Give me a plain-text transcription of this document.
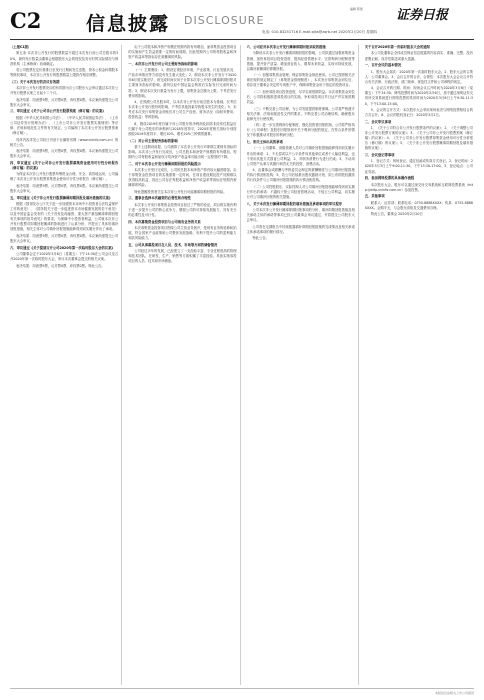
C2 信息披露 DISCLOSURE
编辑 陈凯	证券日报
电话: 010-83251716 E-mail:zjbs@zqrb.net 2020年2月20日 星期四

（上接C1版）

第五条 本次非公开发行的股票数量不超过本次发行前公司总股本的30%，最终发行数量由董事会根据股东大会的授权及发行时的实际情况与保荐机构（主承销商）协商确定。

若公司股票在定价基准日至发行日期间发生送股、资本公积金转增股本等除权事项，本次非公开发行的股票数量上限将作相应调整。

（三）关于本次发行的决议有效期

本次非公开发行股票决议的有效期为自公司股东大会审议通过本次非公开发行股票议案之日起十二个月。

表决结果：同意票9票，反对票0票，弃权票0票。本议案尚需提交公司股东大会审议。

三、审议通过《关于公司非公开发行股票预案（修订稿）的议案》

根据《中华人民共和国公司法》、《中华人民共和国证券法》、《上市公司证券发行管理办法》、《上市公司非公开发行股票实施细则》等法律、法规和规范性文件的有关规定，公司编制了本次非公开发行股票预案（修订稿）。

具体内容详见公司同日刊登于巨潮资讯网（www.cninfo.com.cn）的相关公告。

表决结果：同意票9票，反对票0票，弃权票0票。本议案尚需提交公司股东大会审议。

四、审议通过《关于公司非公开发行股票募集资金使用可行性分析报告（修订稿）的议案》

为保证本次非公开发行股票所筹资金合理、安全、高效地运用，公司编制了本次非公开发行股票募集资金使用可行性分析报告（修订稿）。

表决结果：同意票9票，反对票0票，弃权票0票。本议案尚需提交公司股东大会审议。

五、审议通过《关于非公开发行股票摊薄即期回报及填补措施的议案》

根据《国务院办公厅关于进一步加强资本市场中小投资者合法权益保护工作的意见》、《国务院关于进一步促进资本市场健康发展的若干意见》以及中国证监会发布的《关于首发及再融资、重大资产重组摊薄即期回报有关事项的指导意见》的要求，为保障中小投资者利益，公司就本次非公开发行股票对即期回报摊薄的影响进行了认真分析，并提出了具体的填补回报措施，相关主体对公司填补回报措施能够得到切实履行作出了承诺。

表决结果：同意票9票，反对票0票，弃权票0票。本议案尚需提交公司股东大会审议。

六、审议通过《关于提请召开公司2020年第一次临时股东大会的议案》

公司董事会定于2020年3月6日（星期五）下午14:30在公司会议室召开2020年第一次临时股东大会，审议本次董事会提交的相关议案。

表决结果：同意票9票，反对票0票，弃权票0票。特此公告。

由于公司股本和净资产规模在短期内将有所增加，而募集资金投资项目的实施和产生效益需要一定的时间周期，因此短期内公司的每股收益和净资产收益率等指标存在被摊薄的风险。

一、本次非公开发行对公司主要财务指标的影响

（一）主要假设：1、假设宏观经济环境、产业政策、行业发展状况、产品市场情况等方面没有发生重大变化；2、假设本次非公开发行于2020年6月底实施完毕，该完成时间仅用于计算本次非公开发行摊薄即期回报对主要财务指标的影响，最终以经中国证监会核准后实际发行完成时间为准；3、假设本次发行数量为发行上限，募集资金总额为上限，不考虑发行费用的影响。

4、在预测公司总股本时，以本次非公开发行前总股本为基础，仅考虑本次非公开发行股份的影响，不考虑其他因素导致股本发生的变化；5、未考虑本次发行募集资金到账后对公司生产经营、财务状况（如财务费用、投资收益）等的影响。

6、假设2019年度归属于母公司股东的净利润及扣除非经常性损益后归属于母公司股东的净利润与2018年度持平，2020年度相关指标分别按照较2019年度持平、增长10%、增长20%三种情景测算。

（二）对公司主要财务指标的影响

基于上述假设前提，公司测算了本次非公开发行对即期主要财务指标的影响。本次非公开发行完成后，公司总股本和净资产规模将有所增加，短期内公司每股收益和加权平均净资产收益率可能出现一定程度的下降。

二、对于本次非公开发行摊薄即期回报的风险提示

本次非公开发行完成后，公司的总股本和净资产将有较大幅度增加。由于募集资金投资项目的实施需要一定时间，在项目建设期及投产初期难以获得较高收益，因此公司存在每股收益和净资产收益率等指标在短期内被摊薄的风险。

特此提醒投资者关注本次非公开发行可能摊薄即期回报的风险。

三、董事会选择本次融资的必要性和合理性

本次非公开发行募集资金投资项目经过了严格的论证，项目的实施有利于进一步提升公司的核心竞争力，增强公司的可持续发展能力，具有充分的必要性及可行性。

四、本次募集资金投资项目与公司现有业务的关系

本次募集资金投资项目围绕公司主营业务展开，是现有业务的延伸和拓展，符合国家产业政策和公司整体发展战略，有利于提升公司的盈利能力和抗风险能力。

五、公司从事募投项目在人员、技术、市场等方面的储备情况

公司经过多年的发展，已经建立了一支经验丰富、专业化程度高的管理和技术团队，在研发、生产、销售等方面积累了丰富经验，具备实施募投项目的人员、技术和市场储备。

六、公司应对本次非公开发行摊薄即期回报采取的措施

为降低本次非公开发行摊薄即期回报的影响，公司拟通过加强募集资金管理、加快募投项目投资进度、提高经营管理水平、完善利润分配制度等措施，提升资产质量、增加营业收入、增厚未来收益、实现可持续发展，以填补被摊薄的即期回报。

（一）加强募集资金管理，保证募集资金规范使用。公司已按照相关法律法规的规定制定了《募集资金管理制度》，本次发行募集资金到位后，将存放于董事会决定的专项账户中，保障募集资金用于指定的投资项目。

（二）加快募投项目投资进度，尽早实现预期效益。本次募集资金到位后，公司将积极推进募投项目的实施，争取募投项目早日达产并实现预期效益。

（三）不断完善公司治理，为公司发展提供制度保障。公司将严格遵守相关法律、法规和规范性文件的要求，不断完善公司治理结构，确保股东能够充分行使权利。

（四）进一步完善利润分配制度，强化投资者回报机制。公司将严格执行《公司章程》及股东回报规划中关于利润分配的规定，在符合条件的情况下积极推动对股东的利润分配。

七、相关主体出具的承诺

（一）公司董事、高级管理人员对公司填补回报措施能够得到切实履行作出的承诺：1、不无偿或以不公平条件向其他单位或者个人输送利益，也不采用其他方式损害公司利益；2、对职务消费行为进行约束；3、不动用公司资产从事与其履行职责无关的投资、消费活动。

4、由董事会或薪酬与考核委员会制定的薪酬制度与公司填补回报措施的执行情况相挂钩；5、若公司后续推出股权激励计划，拟公布的股权激励的行权条件与公司填补回报措施的执行情况相挂钩。

（二）公司控股股东、实际控制人对公司填补回报措施能够得到切实履行作出的承诺：不越权干预公司经营管理活动，不侵占公司利益，切实履行对公司填补回报的相关措施。

八、关于本次发行摊薄即期回报的填补措施及承诺事项的审议程序

公司本次非公开发行摊薄即期回报事项的分析、填补即期回报措施及相关承诺主体的承诺等事项已经公司董事会审议通过，并将提交公司股东大会审议。

公司将在定期报告中持续披露填补即期回报措施的完成情况及相关承诺主体承诺事项的履行情况。

特此公告。

关于召开2020年第一次临时股东大会的通知

本公司及董事会全体成员保证信息披露的内容真实、准确、完整，没有虚假记载、误导性陈述或重大遗漏。

一、召开会议的基本情况

1、股东大会届次：2020年第一次临时股东大会。2、股东大会的召集人：公司董事会。3、会议召开的合法、合规性：本次股东大会会议召开符合有关法律、行政法规、部门规章、规范性文件和公司章程的规定。

4、会议召开的日期、时间：现场会议召开时间为2020年3月6日（星期五）下午14:30；网络投票时间为2020年3月6日，其中通过深圳证券交易所交易系统进行网络投票的具体时间为2020年3月6日上午9:30-11:30，下午13:00-15:00。

5、会议的召开方式：本次股东大会采用现场表决与网络投票相结合的方式召开。6、会议的股权登记日：2020年3月2日。

二、会议审议事项

1、《关于公司符合非公开发行股票条件的议案》；2、《关于调整公司非公开发行股票方案的议案》；3、《关于公司非公开发行股票预案（修订稿）的议案》；4、《关于公司非公开发行股票募集资金使用可行性分析报告（修订稿）的议案》；5、《关于非公开发行股票摊薄即期回报及填补措施的议案》。

三、会议登记等事项

1、登记方式：现场登记、通过信函或传真方式登记。2、登记时间：2020年3月3日上午9:00-11:30，下午13:30-17:00。3、登记地点：公司证券部。

四、参加网络投票的具体操作流程

本次股东大会，股东可以通过深交所交易系统和互联网投票系统（http://wltp.cninfo.com.cn）参加投票。

五、其他事项

联系人：证券部；联系电话：0755-8888XXXX；传真：0755-8888XXXX。会期半天，与会股东食宿及交通费用自理。

特此公告。董事会 2020年2月20日

本版信息由相关上市公司提供
